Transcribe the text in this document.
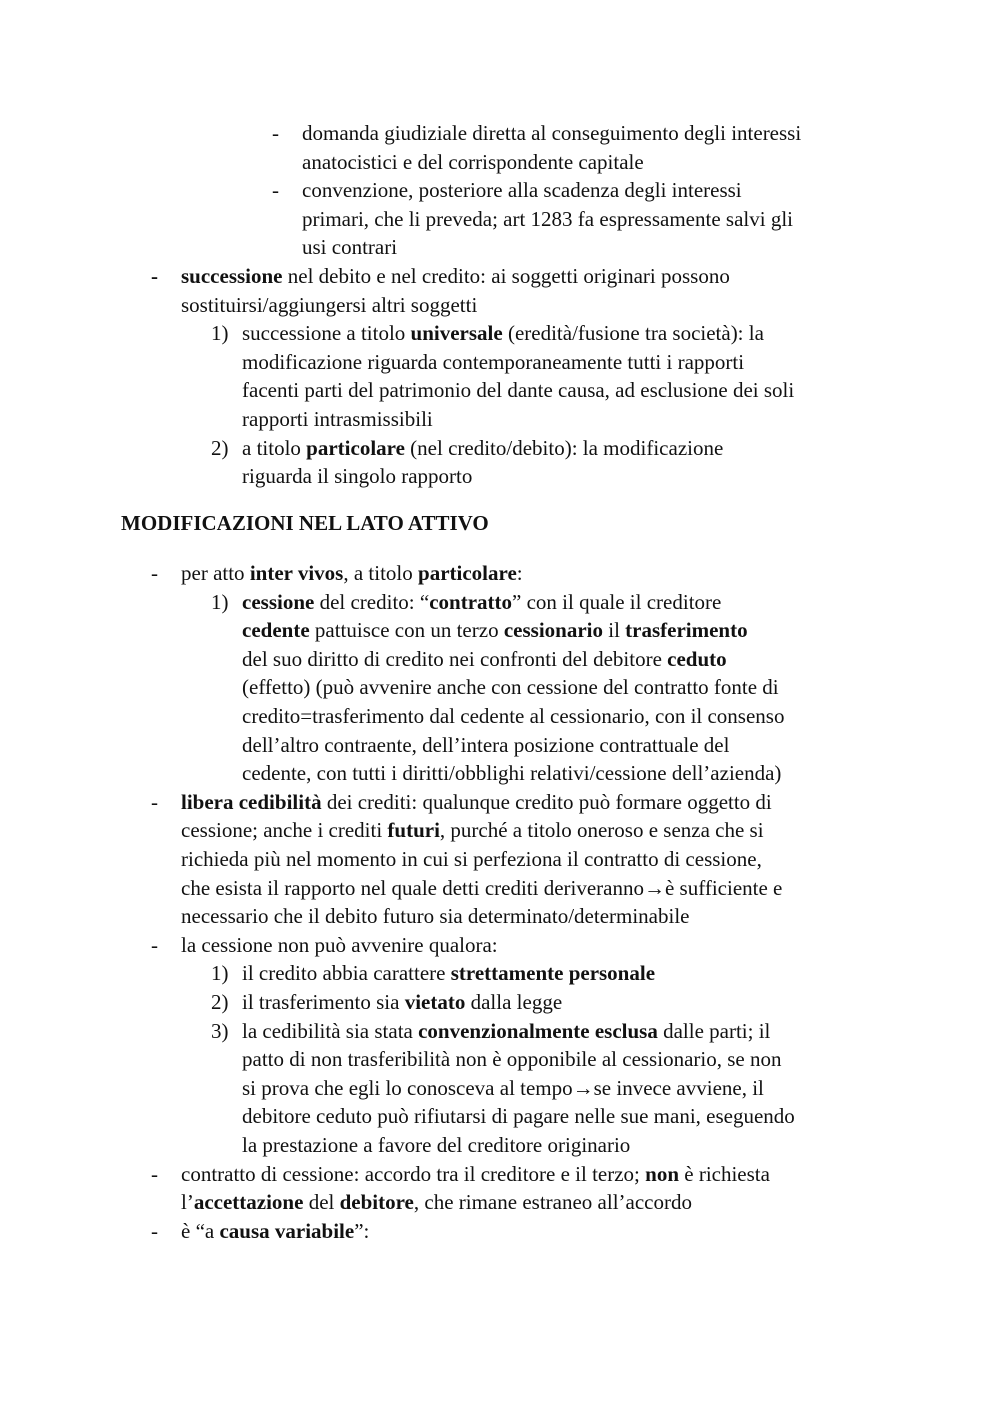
- domanda giudiziale diretta al conseguimento degli interessi
anatocistici e del corrispondente capitale
- convenzione, posteriore alla scadenza degli interessi
primari, che li preveda; art 1283 fa espressamente salvi gli
usi contrari
- successione nel debito e nel credito: ai soggetti originari possono
sostituirsi/aggiungersi altri soggetti
1) successione a titolo universale (eredità/fusione tra società): la
modificazione riguarda contemporaneamente tutti i rapporti
facenti parti del patrimonio del dante causa, ad esclusione dei soli
rapporti intrasmissibili
2) a titolo particolare (nel credito/debito): la modificazione
riguarda il singolo rapporto
MODIFICAZIONI NEL LATO ATTIVO
- per atto inter vivos, a titolo particolare:
1) cessione del credito: “contratto” con il quale il creditore
cedente pattuisce con un terzo cessionario il trasferimento
del suo diritto di credito nei confronti del debitore ceduto
(effetto) (può avvenire anche con cessione del contratto fonte di
credito=trasferimento dal cedente al cessionario, con il consenso
dell’altro contraente, dell’intera posizione contrattuale del
cedente, con tutti i diritti/obblighi relativi/cessione dell’azienda)
- libera cedibilità dei crediti: qualunque credito può formare oggetto di
cessione; anche i crediti futuri, purché a titolo oneroso e senza che si
richieda più nel momento in cui si perfeziona il contratto di cessione,
che esista il rapporto nel quale detti crediti deriveranno→è sufficiente e
necessario che il debito futuro sia determinato/determinabile
- la cessione non può avvenire qualora:
1) il credito abbia carattere strettamente personale
2) il trasferimento sia vietato dalla legge
3) la cedibilità sia stata convenzionalmente esclusa dalle parti; il
patto di non trasferibilità non è opponibile al cessionario, se non
si prova che egli lo conosceva al tempo→se invece avviene, il
debitore ceduto può rifiutarsi di pagare nelle sue mani, eseguendo
la prestazione a favore del creditore originario
- contratto di cessione: accordo tra il creditore e il terzo; non è richiesta
l’accettazione del debitore, che rimane estraneo all’accordo
- è “a causa variabile”:
